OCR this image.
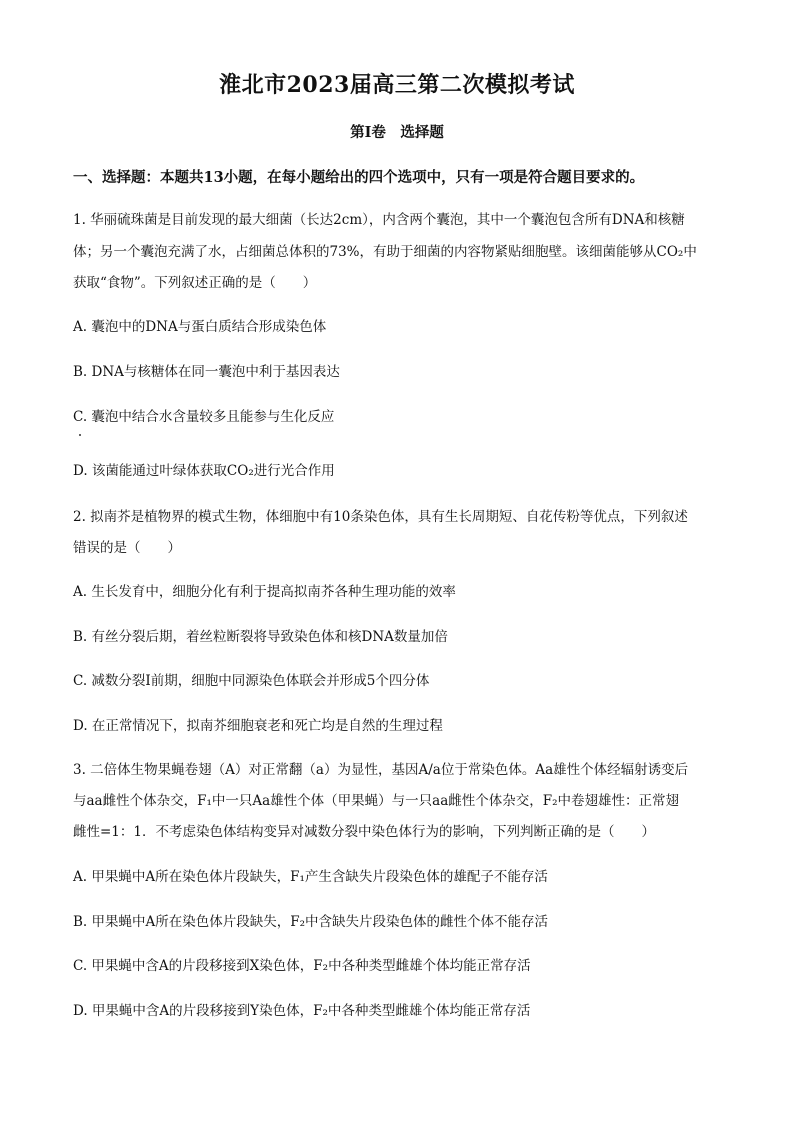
淮北市2023届高三第二次模拟考试
第I卷　选择题
一、选择题：本题共13小题，在每小题给出的四个选项中，只有一项是符合题目要求的。
1. 华丽硫珠菌是目前发现的最大细菌（长达2cm），内含两个囊泡，其中一个囊泡包含所有DNA和核糖
体；另一个囊泡充满了水，占细菌总体积的73%，有助于细菌的内容物紧贴细胞壁。该细菌能够从CO₂中
获取“食物”。下列叙述正确的是（　　）
A. 囊泡中的DNA与蛋白质结合形成染色体
B. DNA与核糖体在同一囊泡中利于基因表达
C. 囊泡中结合水含量较多且能参与生化反应
D. 该菌能通过叶绿体获取CO₂进行光合作用
2. 拟南芥是植物界的模式生物，体细胞中有10条染色体，具有生长周期短、自花传粉等优点，下列叙述
错误的是（　　）
A. 生长发育中，细胞分化有利于提高拟南芥各种生理功能的效率
B. 有丝分裂后期，着丝粒断裂将导致染色体和核DNA数量加倍
C. 减数分裂I前期，细胞中同源染色体联会并形成5个四分体
D. 在正常情况下，拟南芥细胞衰老和死亡均是自然的生理过程
3. 二倍体生物果蝇卷翅（A）对正常翻（a）为显性，基因A/a位于常染色体。Aa雄性个体经辐射诱变后
与aa雌性个体杂交，F₁中一只Aa雄性个体（甲果蝇）与一只aa雌性个体杂交，F₂中卷翅雄性：正常翅
雌性=1：1．不考虑染色体结构变异对减数分裂中染色体行为的影响，下列判断正确的是（　　）
A. 甲果蝇中A所在染色体片段缺失，F₁产生含缺失片段染色体的雄配子不能存活
B. 甲果蝇中A所在染色体片段缺失，F₂中含缺失片段染色体的雌性个体不能存活
C. 甲果蝇中含A的片段移接到X染色体，F₂中各种类型雌雄个体均能正常存活
D. 甲果蝇中含A的片段移接到Y染色体，F₂中各种类型雌雄个体均能正常存活
